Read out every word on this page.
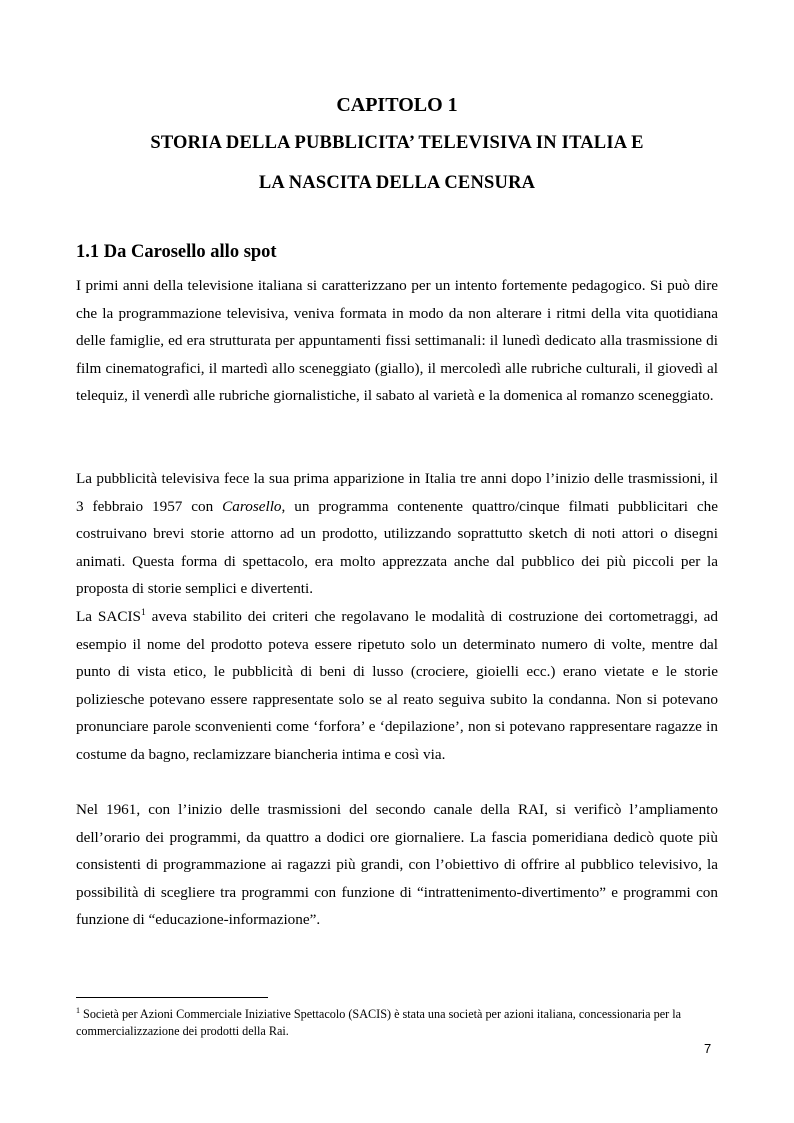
CAPITOLO 1
STORIA DELLA PUBBLICITA’ TELEVISIVA IN ITALIA E
LA NASCITA DELLA CENSURA
1.1 Da Carosello allo spot

I primi anni della televisione italiana si caratterizzano per un intento fortemente pedagogico. Si può dire che la programmazione televisiva, veniva formata in modo da non alterare i ritmi della vita quotidiana delle famiglie, ed era strutturata per appuntamenti fissi settimanali: il lunedì dedicato alla trasmissione di film cinematografici, il martedì allo sceneggiato (giallo), il mercoledì alle rubriche culturali, il giovedì al telequiz, il venerdì alle rubriche giornalistiche, il sabato al varietà e la domenica al romanzo sceneggiato.

La pubblicità televisiva fece la sua prima apparizione in Italia tre anni dopo l’inizio delle trasmissioni, il 3 febbraio 1957 con Carosello, un programma contenente quattro/cinque filmati pubblicitari che costruivano brevi storie attorno ad un prodotto, utilizzando soprattutto sketch di noti attori o disegni animati. Questa forma di spettacolo, era molto apprezzata anche dal pubblico dei più piccoli per la proposta di storie semplici e divertenti.

La SACIS$^1$ aveva stabilito dei criteri che regolavano le modalità di costruzione dei cortometraggi, ad esempio il nome del prodotto poteva essere ripetuto solo un determinato numero di volte, mentre dal punto di vista etico, le pubblicità di beni di lusso (crociere, gioielli ecc.) erano vietate e le storie poliziesche potevano essere rappresentate solo se al reato seguiva subito la condanna. Non si potevano pronunciare parole sconvenienti come ‘forfora’ e ‘depilazione’, non si potevano rappresentare ragazze in costume da bagno, reclamizzare biancheria intima e così via.

Nel 1961, con l’inizio delle trasmissioni del secondo canale della RAI, si verificò l’ampliamento dell’orario dei programmi, da quattro a dodici ore giornaliere. La fascia pomeridiana dedicò quote più consistenti di programmazione ai ragazzi più grandi, con l’obiettivo di offrire al pubblico televisivo, la possibilità di scegliere tra programmi con funzione di “intrattenimento-divertimento” e programmi con funzione di “educazione-informazione”.

$^1$ Società per Azioni Commerciale Iniziative Spettacolo (SACIS) è stata una società per azioni italiana, concessionaria per la commercializzazione dei prodotti della Rai.

7
